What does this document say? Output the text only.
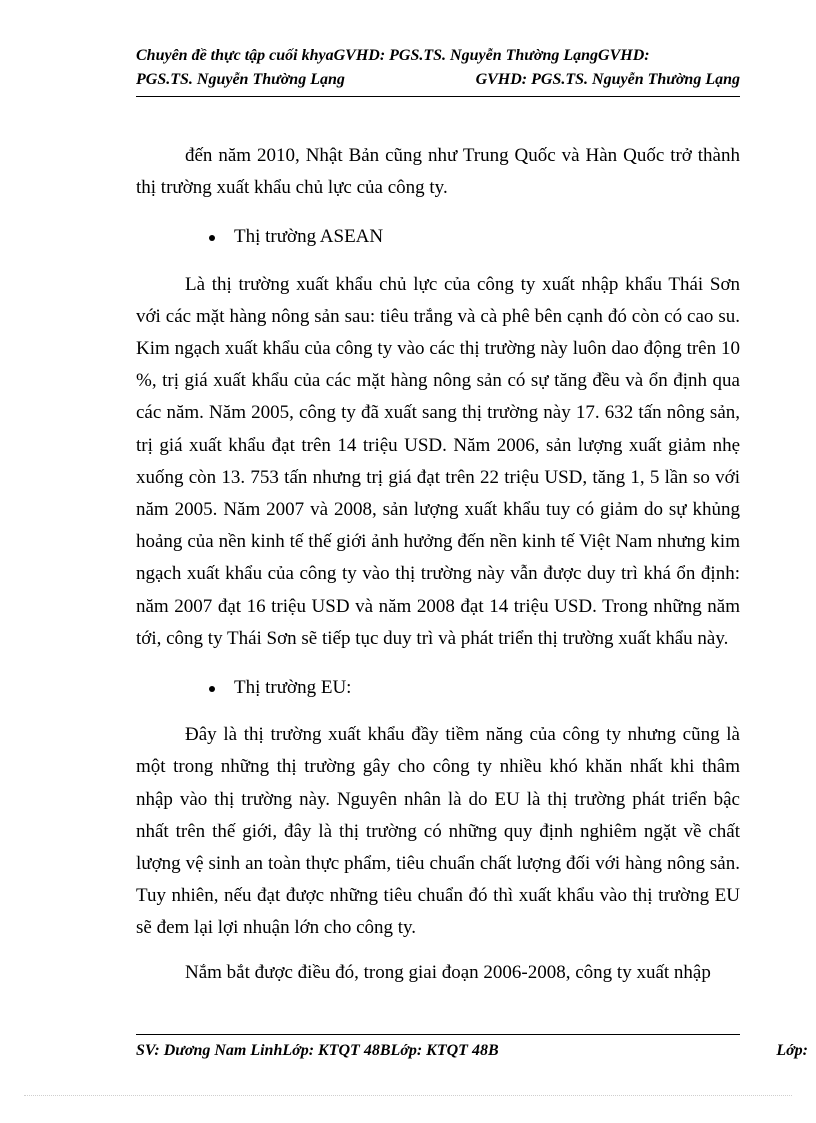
Chuyên đề thực tập cuối khyaGVHD: PGS.TS. Nguyễn Thường LạngGVHD:
PGS.TS. Nguyễn Thường Lạng	GVHD: PGS.TS. Nguyễn Thường Lạng

đến năm 2010, Nhật Bản cũng như Trung Quốc và Hàn Quốc trở thành thị trường xuất khẩu chủ lực của công ty.

Thị trường ASEAN

Là thị trường xuất khẩu chủ lực của công ty xuất nhập khẩu Thái Sơn với các mặt hàng nông sản sau: tiêu trắng và cà phê bên cạnh đó còn có cao su. Kim ngạch xuất khẩu của công ty vào các thị trường này luôn dao động trên 10 %, trị giá xuất khẩu của các mặt hàng nông sản có sự tăng đều và ổn định qua các năm. Năm 2005, công ty đã xuất sang thị trường này 17. 632 tấn nông sản, trị giá xuất khẩu đạt trên 14 triệu USD. Năm 2006, sản lượng xuất giảm nhẹ xuống còn 13. 753 tấn nhưng trị giá đạt trên 22 triệu USD, tăng 1, 5 lần so với năm 2005. Năm 2007 và 2008, sản lượng xuất khẩu tuy có giảm do sự khủng hoảng của nền kinh tế thế giới ảnh hưởng đến nền kinh tế Việt Nam nhưng kim ngạch xuất khẩu của công ty vào thị trường này vẫn được duy trì khá ổn định: năm 2007 đạt 16 triệu USD và năm 2008 đạt 14 triệu USD. Trong những năm tới, công ty Thái Sơn sẽ tiếp tục duy trì và phát triển thị trường xuất khẩu này.

Thị trường EU:

Đây là thị trường xuất khẩu đầy tiềm năng của công ty nhưng cũng là một trong những thị trường gây cho công ty nhiều khó khăn nhất khi thâm nhập vào thị trường này. Nguyên nhân là do EU là thị trường phát triển bậc nhất trên thế giới, đây là thị trường có những quy định nghiêm ngặt về chất lượng vệ sinh an toàn thực phẩm, tiêu chuẩn chất lượng đối với hàng nông sản. Tuy nhiên, nếu đạt được những tiêu chuẩn đó thì xuất khẩu vào thị trường EU sẽ đem lại lợi nhuận lớn cho công ty.

Nắm bắt được điều đó, trong giai đoạn 2006-2008, công ty xuất nhập

SV: Dương Nam LinhLớp: KTQT 48BLớp: KTQT 48B	Lớp:
